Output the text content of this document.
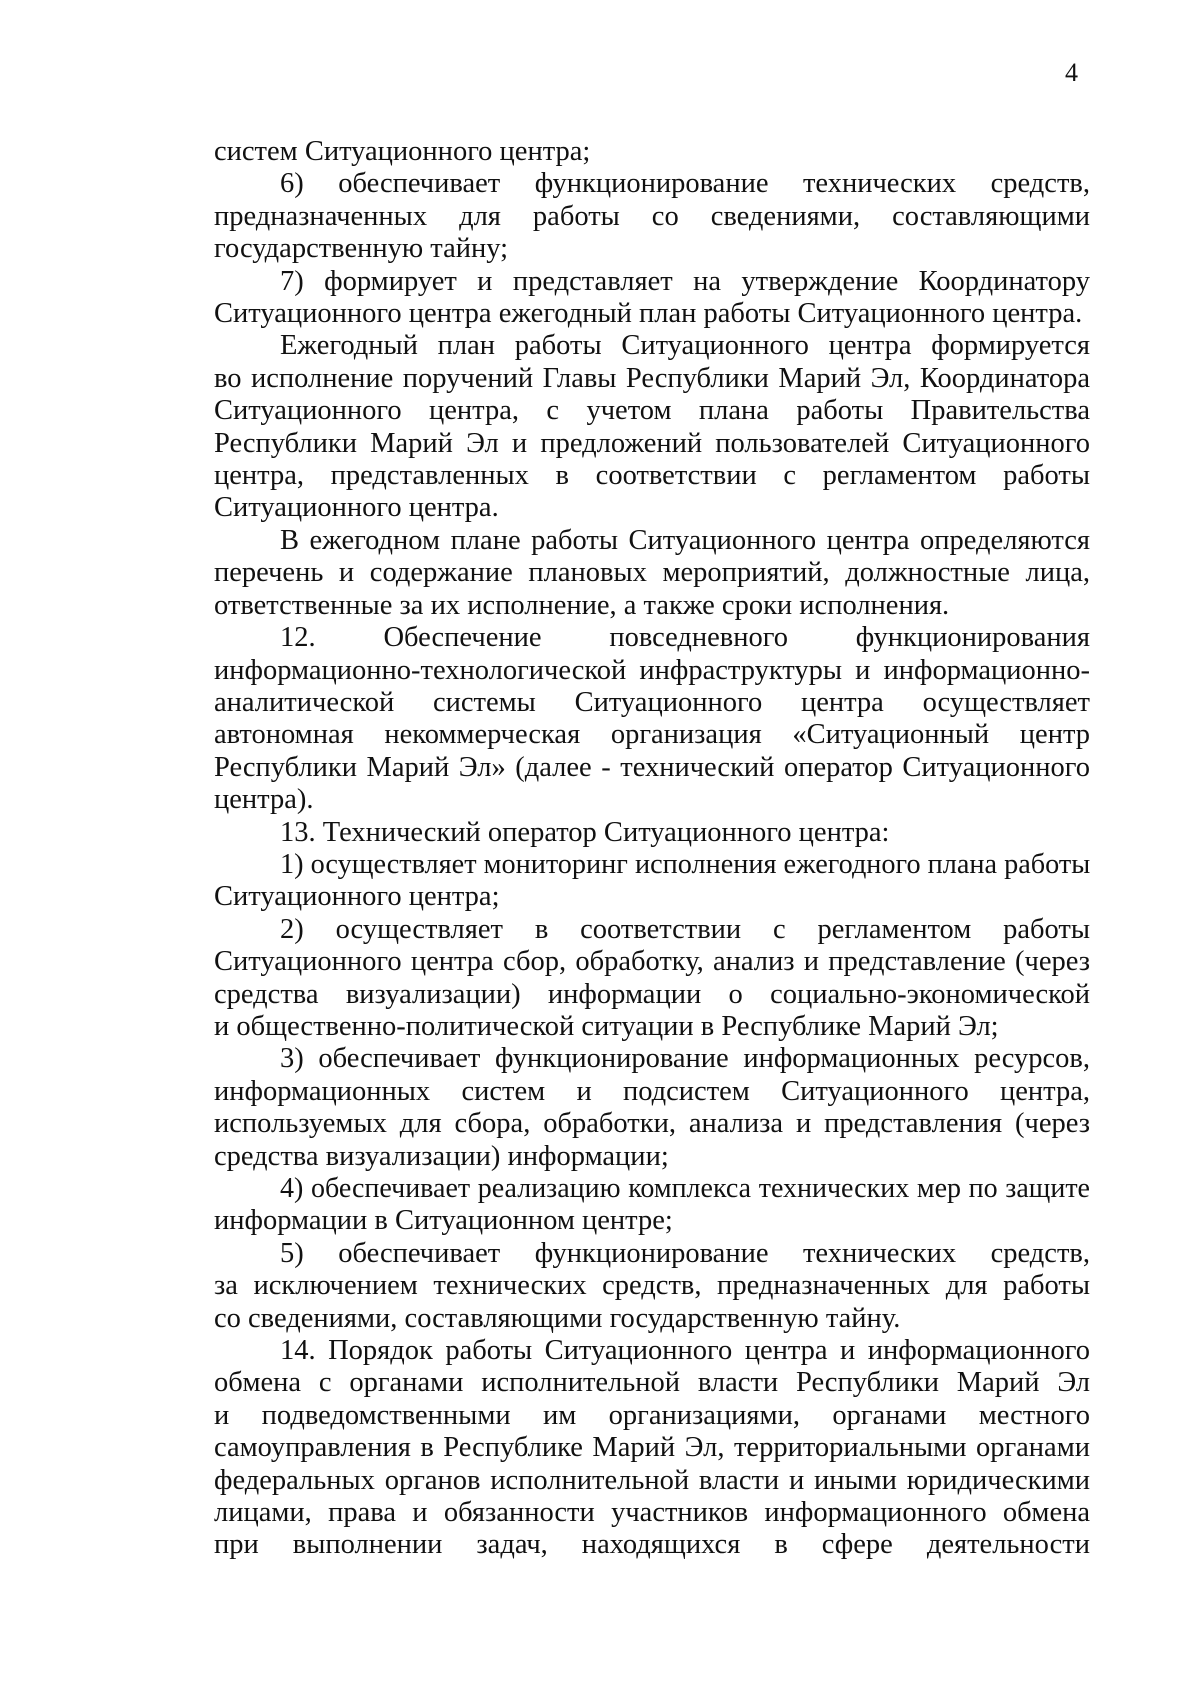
4
систем Ситуационного центра;
6) обеспечивает функционирование технических средств,
предназначенных для работы со сведениями, составляющими
государственную тайну;
7) формирует и представляет на утверждение Координатору
Ситуационного центра ежегодный план работы Ситуационного центра.
Ежегодный план работы Ситуационного центра формируется
во исполнение поручений Главы Республики Марий Эл, Координатора
Ситуационного центра, с учетом плана работы Правительства
Республики Марий Эл и предложений пользователей Ситуационного
центра, представленных в соответствии с регламентом работы
Ситуационного центра.
В ежегодном плане работы Ситуационного центра определяются
перечень и содержание плановых мероприятий, должностные лица,
ответственные за их исполнение, а также сроки исполнения.
12. Обеспечение повседневного функционирования
информационно-технологической инфраструктуры и информационно-
аналитической системы Ситуационного центра осуществляет
автономная некоммерческая организация «Ситуационный центр
Республики Марий Эл» (далее - технический оператор Ситуационного
центра).
13. Технический оператор Ситуационного центра:
1) осуществляет мониторинг исполнения ежегодного плана работы
Ситуационного центра;
2) осуществляет в соответствии с регламентом работы
Ситуационного центра сбор, обработку, анализ и представление (через
средства визуализации) информации о социально-экономической
и общественно-политической ситуации в Республике Марий Эл;
3) обеспечивает функционирование информационных ресурсов,
информационных систем и подсистем Ситуационного центра,
используемых для сбора, обработки, анализа и представления (через
средства визуализации) информации;
4) обеспечивает реализацию комплекса технических мер по защите
информации в Ситуационном центре;
5) обеспечивает функционирование технических средств,
за исключением технических средств, предназначенных для работы
со сведениями, составляющими государственную тайну.
14. Порядок работы Ситуационного центра и информационного
обмена с органами исполнительной власти Республики Марий Эл
и подведомственными им организациями, органами местного
самоуправления в Республике Марий Эл, территориальными органами
федеральных органов исполнительной власти и иными юридическими
лицами, права и обязанности участников информационного обмена
при выполнении задач, находящихся в сфере деятельности
